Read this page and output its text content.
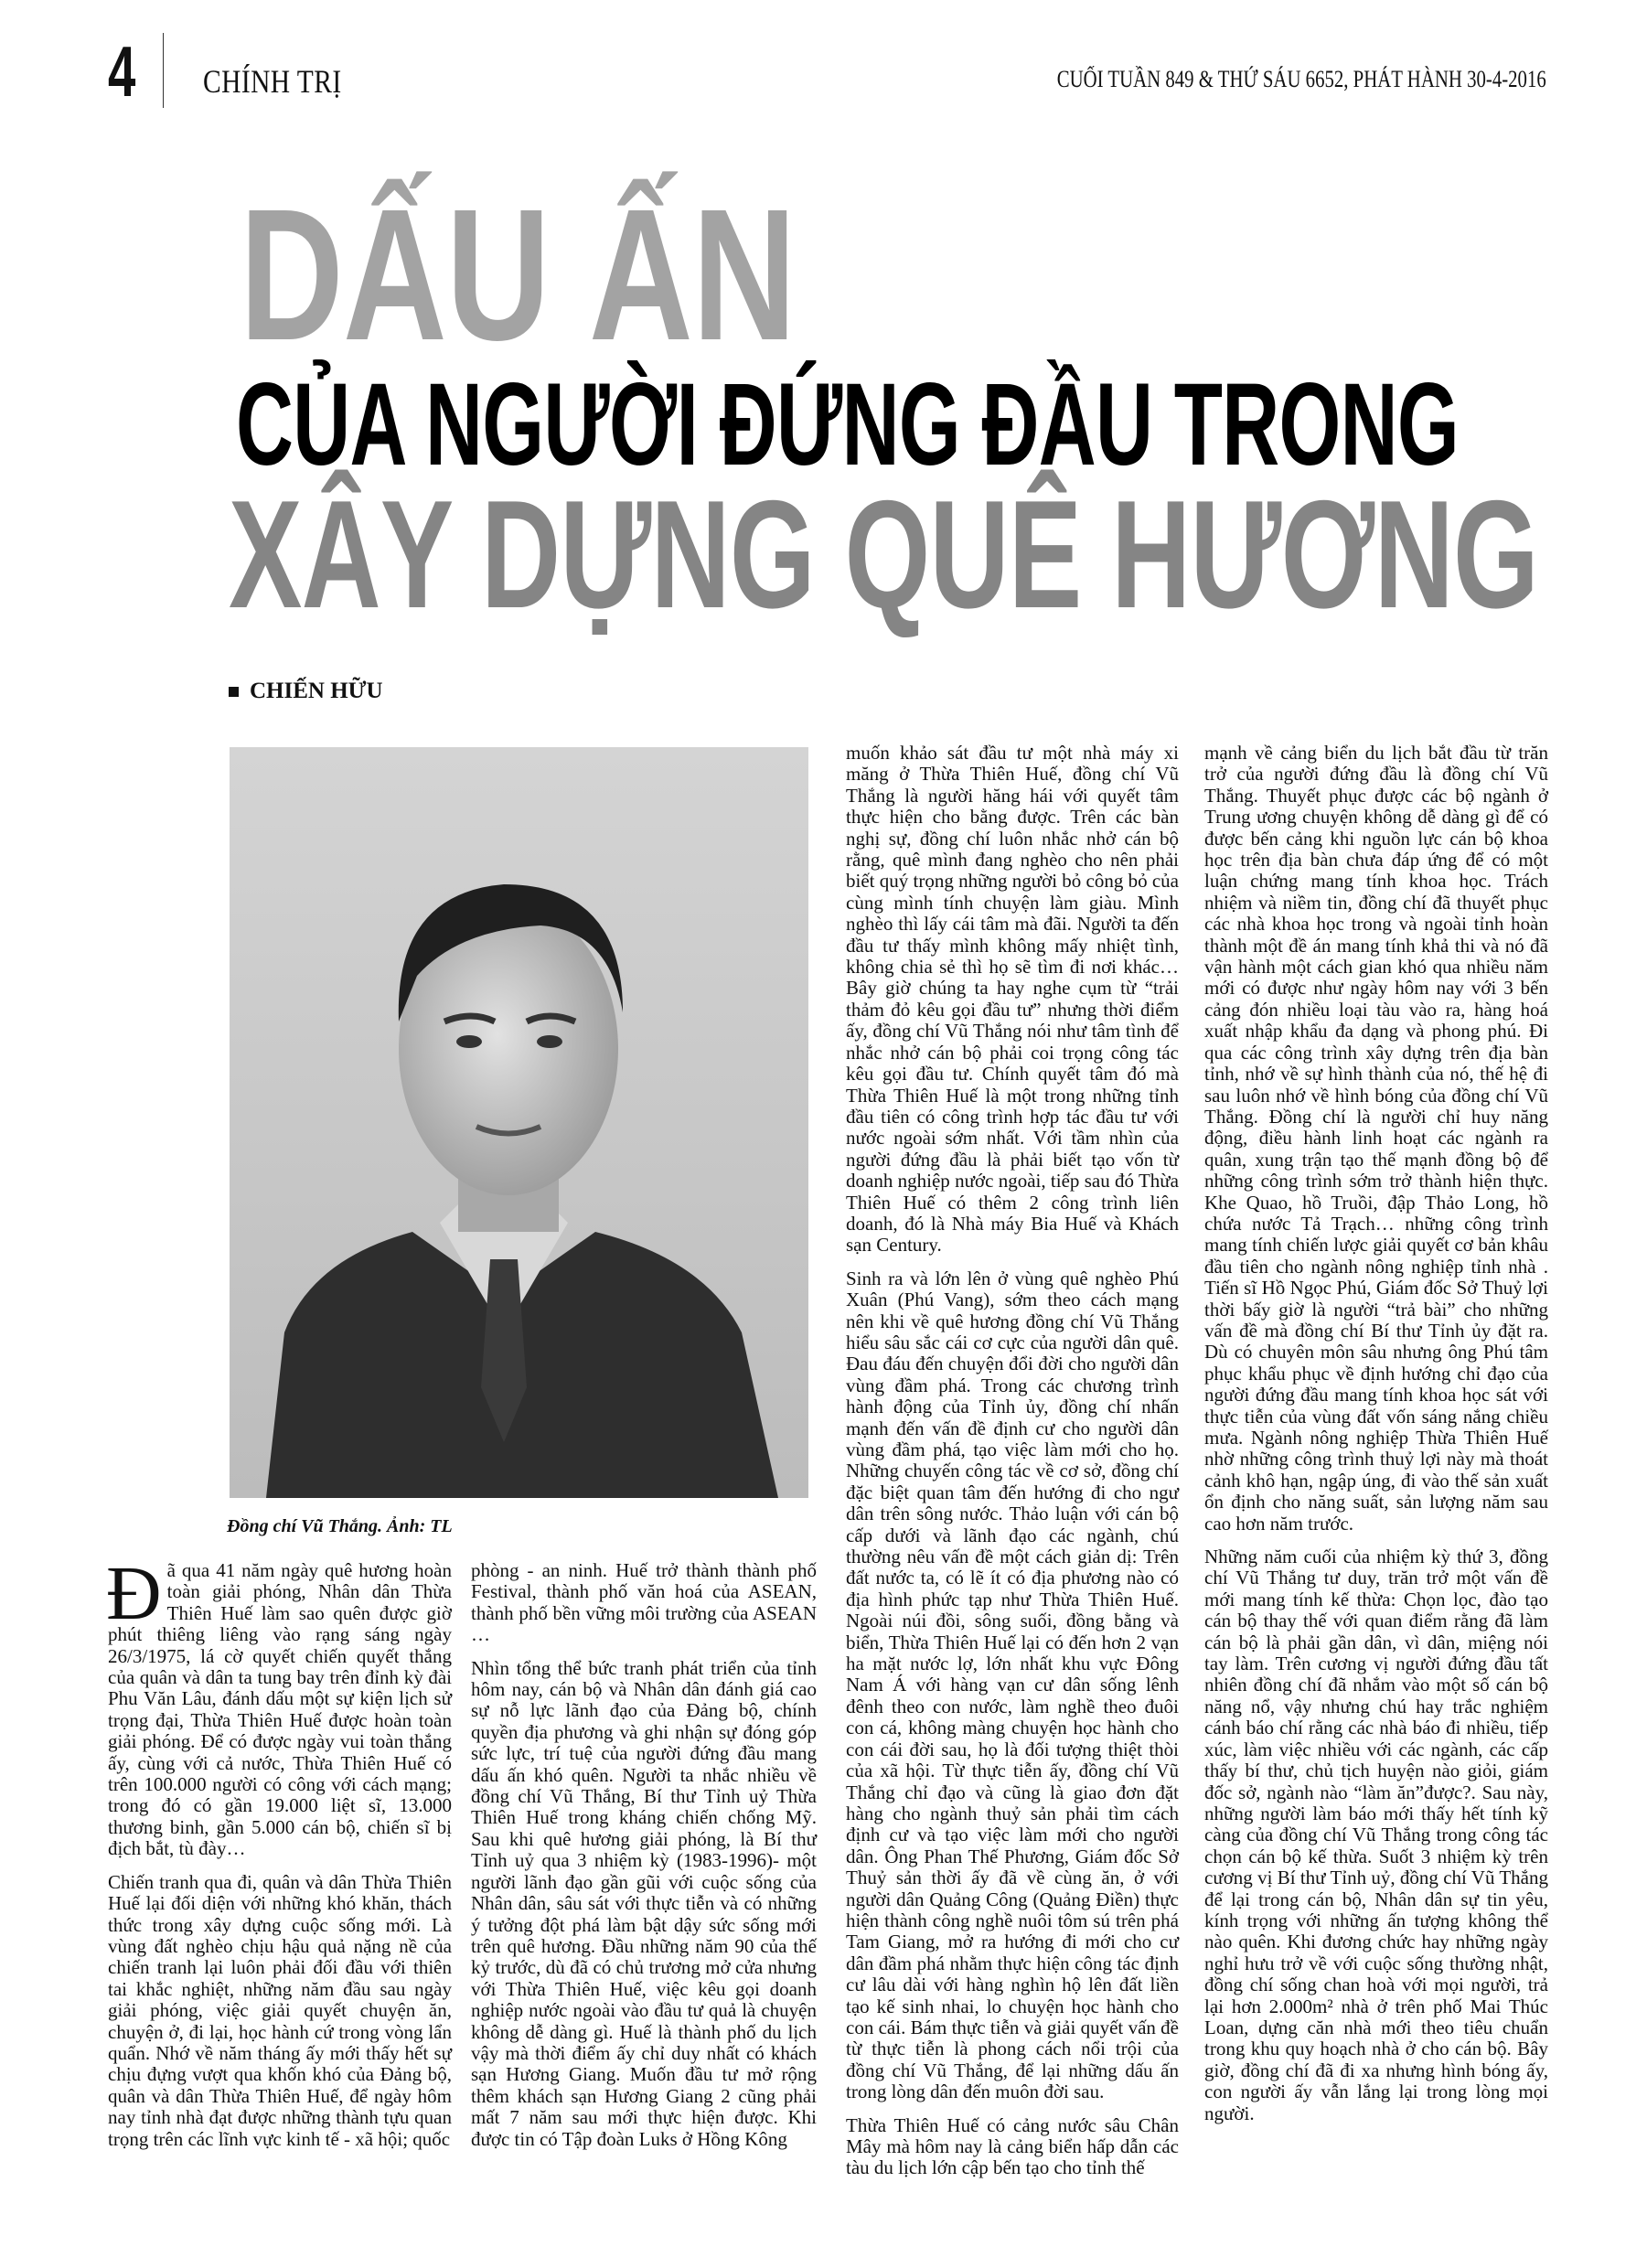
4 CHÍNH TRỊ	CUỐI TUẦN 849 & THỨ SÁU 6652, PHÁT HÀNH 30-4-2016
DẤU ẤN
CỦA NGƯỜI ĐỨNG ĐẦU TRONG
XÂY DỰNG QUÊ HƯƠNG
CHIẾN HỮU
Đồng chí Vũ Thắng. Ảnh: TL

Đã qua 41 năm ngày quê hương hoàn toàn giải phóng, Nhân dân Thừa Thiên Huế làm sao quên được giờ phút thiêng liêng vào rạng sáng ngày 26/3/1975, lá cờ quyết chiến quyết thắng của quân và dân ta tung bay trên đỉnh kỳ đài Phu Văn Lâu, đánh dấu một sự kiện lịch sử trọng đại, Thừa Thiên Huế được hoàn toàn giải phóng. Để có được ngày vui toàn thắng ấy, cùng với cả nước, Thừa Thiên Huế có trên 100.000 người có công với cách mạng; trong đó có gần 19.000 liệt sĩ, 13.000 thương binh, gần 5.000 cán bộ, chiến sĩ bị địch bắt, tù đày…

Chiến tranh qua đi, quân và dân Thừa Thiên Huế lại đối diện với những khó khăn, thách thức trong xây dựng cuộc sống mới. Là vùng đất nghèo chịu hậu quả nặng nề của chiến tranh lại luôn phải đối đầu với thiên tai khắc nghiệt, những năm đầu sau ngày giải phóng, việc giải quyết chuyện ăn, chuyện ở, đi lại, học hành cứ trong vòng lẩn quẩn. Nhớ về năm tháng ấy mới thấy hết sự chịu đựng vượt qua khốn khó của Đảng bộ, quân và dân Thừa Thiên Huế, để ngày hôm nay tỉnh nhà đạt được những thành tựu quan trọng trên các lĩnh vực kinh tế - xã hội; quốc

phòng - an ninh. Huế trở thành thành phố Festival, thành phố văn hoá của ASEAN, thành phố bền vững môi trường của ASEAN …

Nhìn tổng thể bức tranh phát triển của tỉnh hôm nay, cán bộ và Nhân dân đánh giá cao sự nỗ lực lãnh đạo của Đảng bộ, chính quyền địa phương và ghi nhận sự đóng góp sức lực, trí tuệ của người đứng đầu mang dấu ấn khó quên. Người ta nhắc nhiều về đồng chí Vũ Thắng, Bí thư Tỉnh uỷ Thừa Thiên Huế trong kháng chiến chống Mỹ. Sau khi quê hương giải phóng, là Bí thư Tỉnh uỷ qua 3 nhiệm kỳ (1983-1996)- một người lãnh đạo gần gũi với cuộc sống của Nhân dân, sâu sát với thực tiễn và có những ý tưởng đột phá làm bật dậy sức sống mới trên quê hương. Đầu những năm 90 của thế kỷ trước, dù đã có chủ trương mở cửa nhưng với Thừa Thiên Huế, việc kêu gọi doanh nghiệp nước ngoài vào đầu tư quả là chuyện không dễ dàng gì. Huế là thành phố du lịch vậy mà thời điểm ấy chỉ duy nhất có khách sạn Hương Giang. Muốn đầu tư mở rộng thêm khách sạn Hương Giang 2 cũng phải mất 7 năm sau mới thực hiện được. Khi được tin có Tập đoàn Luks ở Hồng Kông

muốn khảo sát đầu tư một nhà máy xi măng ở Thừa Thiên Huế, đồng chí Vũ Thắng là người hăng hái với quyết tâm thực hiện cho bằng được. Trên các bàn nghị sự, đồng chí luôn nhắc nhở cán bộ rằng, quê mình đang nghèo cho nên phải biết quý trọng những người bỏ công bỏ của cùng mình tính chuyện làm giàu. Mình nghèo thì lấy cái tâm mà đãi. Người ta đến đầu tư thấy mình không mấy nhiệt tình, không chia sẻ thì họ sẽ tìm đi nơi khác… Bây giờ chúng ta hay nghe cụm từ “trải thảm đỏ kêu gọi đầu tư” nhưng thời điểm ấy, đồng chí Vũ Thắng nói như tâm tình để nhắc nhở cán bộ phải coi trọng công tác kêu gọi đầu tư. Chính quyết tâm đó mà Thừa Thiên Huế là một trong những tỉnh đầu tiên có công trình hợp tác đầu tư với nước ngoài sớm nhất. Với tầm nhìn của người đứng đầu là phải biết tạo vốn từ doanh nghiệp nước ngoài, tiếp sau đó Thừa Thiên Huế có thêm 2 công trình liên doanh, đó là Nhà máy Bia Huế và Khách sạn Century.

Sinh ra và lớn lên ở vùng quê nghèo Phú Xuân (Phú Vang), sớm theo cách mạng nên khi về quê hương đồng chí Vũ Thắng hiểu sâu sắc cái cơ cực của người dân quê. Đau đáu đến chuyện đổi đời cho người dân vùng đầm phá. Trong các chương trình hành động của Tỉnh ủy, đồng chí nhấn mạnh đến vấn đề định cư cho người dân vùng đầm phá, tạo việc làm mới cho họ. Những chuyến công tác về cơ sở, đồng chí đặc biệt quan tâm đến hướng đi cho ngư dân trên sông nước. Thảo luận với cán bộ cấp dưới và lãnh đạo các ngành, chú thường nêu vấn đề một cách giản dị: Trên đất nước ta, có lẽ ít có địa phương nào có địa hình phức tạp như Thừa Thiên Huế. Ngoài núi đồi, sông suối, đồng bằng và biển, Thừa Thiên Huế lại có đến hơn 2 vạn ha mặt nước lợ, lớn nhất khu vực Đông Nam Á với hàng vạn cư dân sống lênh đênh theo con nước, làm nghề theo đuôi con cá, không màng chuyện học hành cho con cái đời sau, họ là đối tượng thiệt thòi của xã hội. Từ thực tiễn ấy, đồng chí Vũ Thắng chỉ đạo và cũng là giao đơn đặt hàng cho ngành thuỷ sản phải tìm cách định cư và tạo việc làm mới cho người dân. Ông Phan Thế Phương, Giám đốc Sở Thuỷ sản thời ấy đã về cùng ăn, ở với người dân Quảng Công (Quảng Điền) thực hiện thành công nghề nuôi tôm sú trên phá Tam Giang, mở ra hướng đi mới cho cư dân đầm phá nhằm thực hiện công tác định cư lâu dài với hàng nghìn hộ lên đất liền tạo kế sinh nhai, lo chuyện học hành cho con cái. Bám thực tiễn và giải quyết vấn đề từ thực tiễn là phong cách nổi trội của đồng chí Vũ Thắng, để lại những dấu ấn trong lòng dân đến muôn đời sau.

Thừa Thiên Huế có cảng nước sâu Chân Mây mà hôm nay là cảng biển hấp dẫn các tàu du lịch lớn cập bến tạo cho tỉnh thế

mạnh về cảng biển du lịch bắt đầu từ trăn trở của người đứng đầu là đồng chí Vũ Thắng. Thuyết phục được các bộ ngành ở Trung ương chuyện không dễ dàng gì để có được bến cảng khi nguồn lực cán bộ khoa học trên địa bàn chưa đáp ứng để có một luận chứng mang tính khoa học. Trách nhiệm và niềm tin, đồng chí đã thuyết phục các nhà khoa học trong và ngoài tỉnh hoàn thành một đề án mang tính khả thi và nó đã vận hành một cách gian khó qua nhiều năm mới có được như ngày hôm nay với 3 bến cảng đón nhiều loại tàu vào ra, hàng hoá xuất nhập khẩu đa dạng và phong phú. Đi qua các công trình xây dựng trên địa bàn tỉnh, nhớ về sự hình thành của nó, thế hệ đi sau luôn nhớ về hình bóng của đồng chí Vũ Thắng. Đồng chí là người chỉ huy năng động, điều hành linh hoạt các ngành ra quân, xung trận tạo thế mạnh đồng bộ để những công trình sớm trở thành hiện thực. Khe Quao, hồ Truồi, đập Thảo Long, hồ chứa nước Tả Trạch… những công trình mang tính chiến lược giải quyết cơ bản khâu đầu tiên cho ngành nông nghiệp tỉnh nhà . Tiến sĩ Hồ Ngọc Phú, Giám đốc Sở Thuỷ lợi thời bấy giờ là người “trả bài” cho những vấn đề mà đồng chí Bí thư Tỉnh ủy đặt ra. Dù có chuyên môn sâu nhưng ông Phú tâm phục khẩu phục về định hướng chỉ đạo của người đứng đầu mang tính khoa học sát với thực tiễn của vùng đất vốn sáng nắng chiều mưa. Ngành nông nghiệp Thừa Thiên Huế nhờ những công trình thuỷ lợi này mà thoát cảnh khô hạn, ngập úng, đi vào thế sản xuất ổn định cho năng suất, sản lượng năm sau cao hơn năm trước.

Những năm cuối của nhiệm kỳ thứ 3, đồng chí Vũ Thắng tư duy, trăn trở một vấn đề mới mang tính kế thừa: Chọn lọc, đào tạo cán bộ thay thế với quan điểm rằng đã làm cán bộ là phải gần dân, vì dân, miệng nói tay làm. Trên cương vị người đứng đầu tất nhiên đồng chí đã nhắm vào một số cán bộ năng nổ, vậy nhưng chú hay trắc nghiệm cánh báo chí rằng các nhà báo đi nhiều, tiếp xúc, làm việc nhiều với các ngành, các cấp thấy bí thư, chủ tịch huyện nào giỏi, giám đốc sở, ngành nào “làm ăn”được?. Sau này, những người làm báo mới thấy hết tính kỹ càng của đồng chí Vũ Thắng trong công tác chọn cán bộ kế thừa. Suốt 3 nhiệm kỳ trên cương vị Bí thư Tỉnh uỷ, đồng chí Vũ Thắng để lại trong cán bộ, Nhân dân sự tin yêu, kính trọng với những ấn tượng không thể nào quên. Khi đương chức hay những ngày nghỉ hưu trở về với cuộc sống thường nhật, đồng chí sống chan hoà với mọi người, trả lại hơn 2.000m² nhà ở trên phố Mai Thúc Loan, dựng căn nhà mới theo tiêu chuẩn trong khu quy hoạch nhà ở cho cán bộ. Bây giờ, đồng chí đã đi xa nhưng hình bóng ấy, con người ấy vẫn lắng lại trong lòng mọi người.
